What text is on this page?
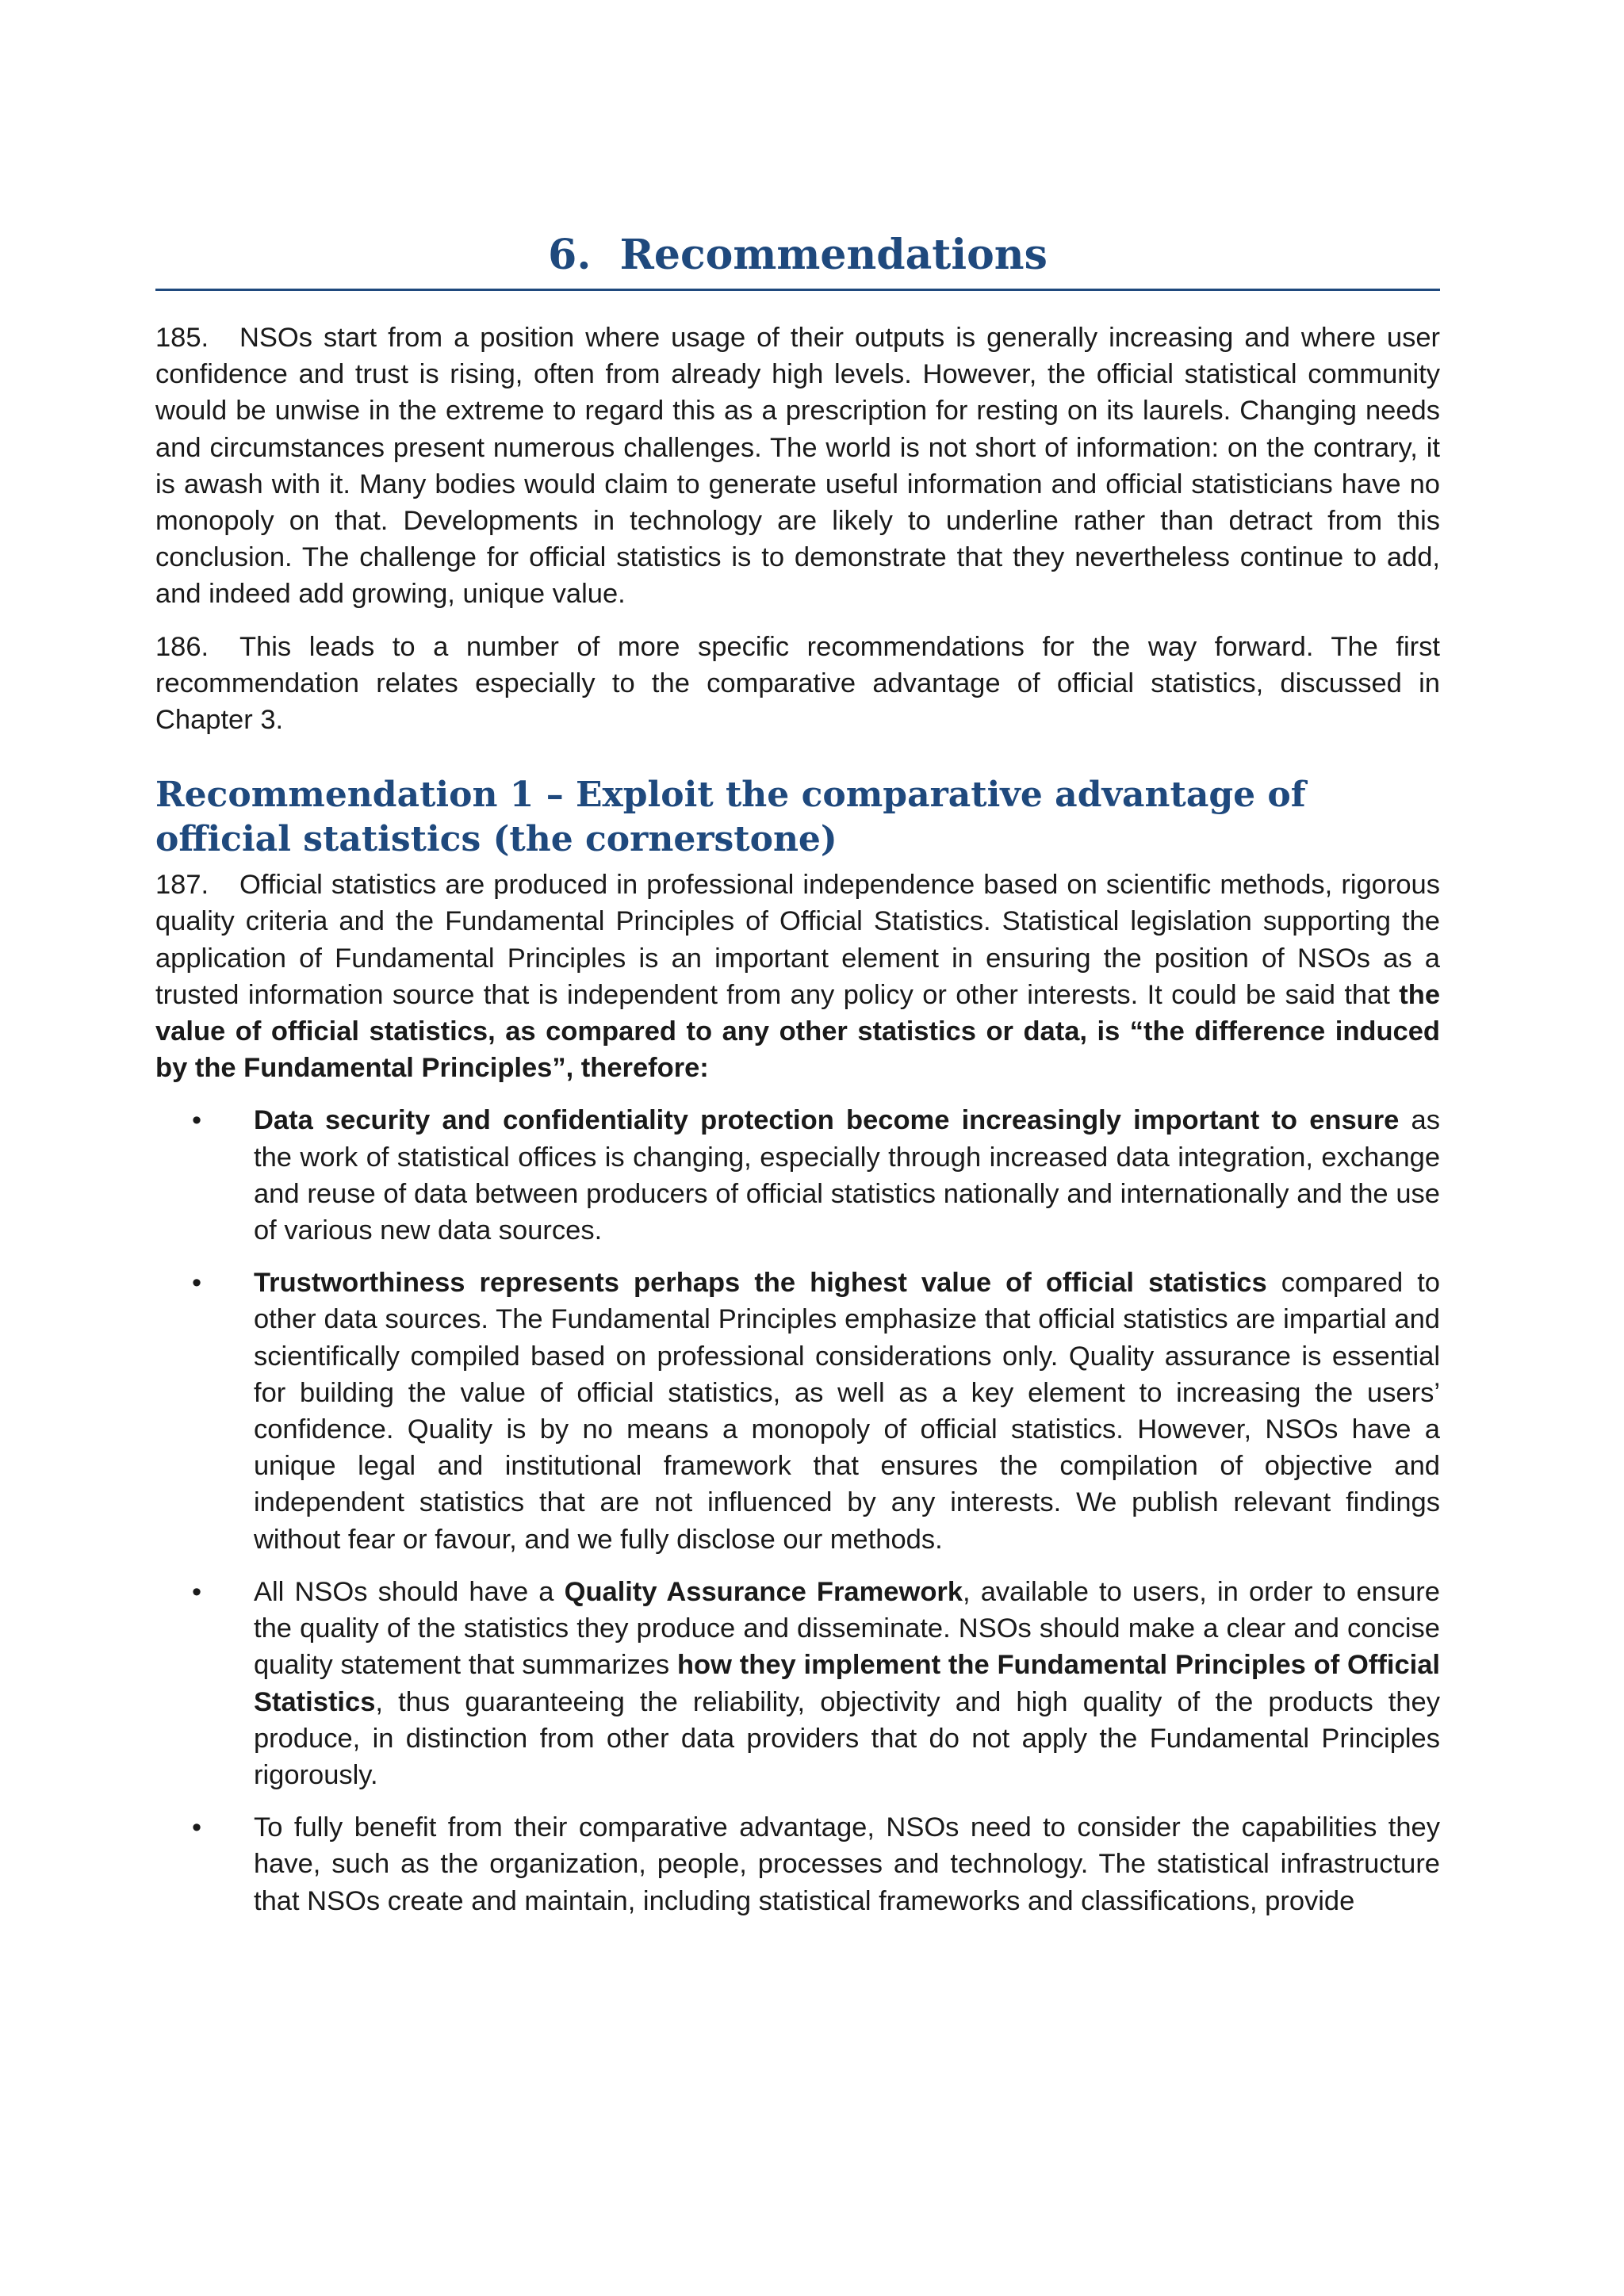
6. Recommendations

185. NSOs start from a position where usage of their outputs is generally increasing and where user confidence and trust is rising, often from already high levels. However, the official statistical community would be unwise in the extreme to regard this as a prescription for resting on its laurels. Changing needs and circumstances present numerous challenges. The world is not short of information: on the contrary, it is awash with it. Many bodies would claim to generate useful information and official statisticians have no monopoly on that. Developments in technology are likely to underline rather than detract from this conclusion. The challenge for official statistics is to demonstrate that they nevertheless continue to add, and indeed add growing, unique value.

186. This leads to a number of more specific recommendations for the way forward. The first recommendation relates especially to the comparative advantage of official statistics, discussed in Chapter 3.

Recommendation 1 – Exploit the comparative advantage of official statistics (the cornerstone)

187. Official statistics are produced in professional independence based on scientific methods, rigorous quality criteria and the Fundamental Principles of Official Statistics. Statistical legislation supporting the application of Fundamental Principles is an important element in ensuring the position of NSOs as a trusted information source that is independent from any policy or other interests. It could be said that the value of official statistics, as compared to any other statistics or data, is “the difference induced by the Fundamental Principles”, therefore:

• Data security and confidentiality protection become increasingly important to ensure as the work of statistical offices is changing, especially through increased data integration, exchange and reuse of data between producers of official statistics nationally and internationally and the use of various new data sources.
• Trustworthiness represents perhaps the highest value of official statistics compared to other data sources. The Fundamental Principles emphasize that official statistics are impartial and scientifically compiled based on professional considerations only. Quality assurance is essential for building the value of official statistics, as well as a key element to increasing the users’ confidence. Quality is by no means a monopoly of official statistics. However, NSOs have a unique legal and institutional framework that ensures the compilation of objective and independent statistics that are not influenced by any interests. We publish relevant findings without fear or favour, and we fully disclose our methods.
• All NSOs should have a Quality Assurance Framework, available to users, in order to ensure the quality of the statistics they produce and disseminate. NSOs should make a clear and concise quality statement that summarizes how they implement the Fundamental Principles of Official Statistics, thus guaranteeing the reliability, objectivity and high quality of the products they produce, in distinction from other data providers that do not apply the Fundamental Principles rigorously.
• To fully benefit from their comparative advantage, NSOs need to consider the capabilities they have, such as the organization, people, processes and technology. The statistical infrastructure that NSOs create and maintain, including statistical frameworks and classifications, provide
